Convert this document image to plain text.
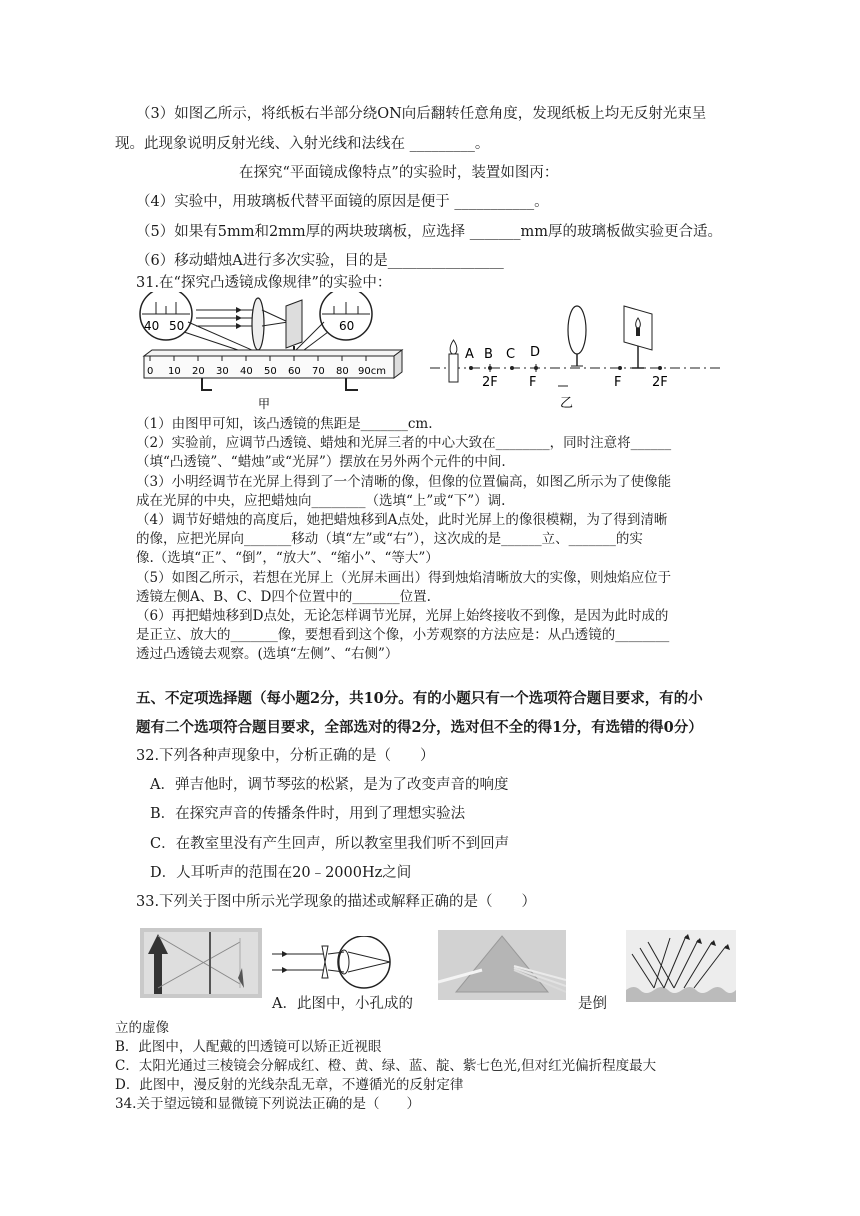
（3）如图乙所示，将纸板右半部分绕ON向后翻转任意角度，发现纸板上均无反射光束呈
现。此现象说明反射光线、入射光线和法线在 _________。
在探究“平面镜成像特点”的实验时，装置如图丙：
（4）实验中，用玻璃板代替平面镜的原因是便于 ___________。
（5）如果有5mm和2mm厚的两块玻璃板，应选择 _______mm厚的玻璃板做实验更合适。
（6）移动蜡烛A进行多次实验，目的是________________
31.在“探究凸透镜成像规律”的实验中：
40 50	60
0 10 20 30 40 50 60 70 80 90cm
甲
A B C D
2F F
乙
F 2F
（1）由图甲可知，该凸透镜的焦距是_______cm.
（2）实验前，应调节凸透镜、蜡烛和光屏三者的中心大致在________，同时注意将______
（填“凸透镜”、“蜡烛”或“光屏”）摆放在另外两个元件的中间.
（3）小明经调节在光屏上得到了一个清晰的像，但像的位置偏高，如图乙所示为了使像能
成在光屏的中央，应把蜡烛向________（选填“上”或“下”）调.
（4）调节好蜡烛的高度后，她把蜡烛移到A点处，此时光屏上的像很模糊，为了得到清晰
的像，应把光屏向_______移动（填“左”或“右”），这次成的是______立、_______的实
像.（选填“正”、“倒”，“放大”、“缩小”、“等大”）
（5）如图乙所示，若想在光屏上（光屏未画出）得到烛焰清晰放大的实像，则烛焰应位于
透镜左侧A、B、C、D四个位置中的_______位置.
（6）再把蜡烛移到D点处，无论怎样调节光屏，光屏上始终接收不到像，是因为此时成的
是正立、放大的_______像，要想看到这个像，小芳观察的方法应是：从凸透镜的________
透过凸透镜去观察。(选填“左侧”、“右侧”）
五、不定项选择题（每小题2分，共10分。有的小题只有一个选项符合题目要求，有的小
题有二个选项符合题目要求，全部选对的得2分，选对但不全的得1分，有选错的得0分）
32.下列各种声现象中，分析正确的是（　　）
A．弹吉他时，调节琴弦的松紧，是为了改变声音的响度
B．在探究声音的传播条件时，用到了理想实验法
C．在教室里没有产生回声，所以教室里我们听不到回声
D．人耳听声的范围在20﹣2000Hz之间
33.下列关于图中所示光学现象的描述或解释正确的是（　　）
A．此图中，小孔成的	是倒
立的虚像
B．此图中，人配戴的凹透镜可以矫正近视眼
C．太阳光通过三棱镜会分解成红、橙、黄、绿、蓝、靛、紫七色光,但对红光偏折程度最大
D．此图中，漫反射的光线杂乱无章，不遵循光的反射定律
34.关于望远镜和显微镜下列说法正确的是（　　）
